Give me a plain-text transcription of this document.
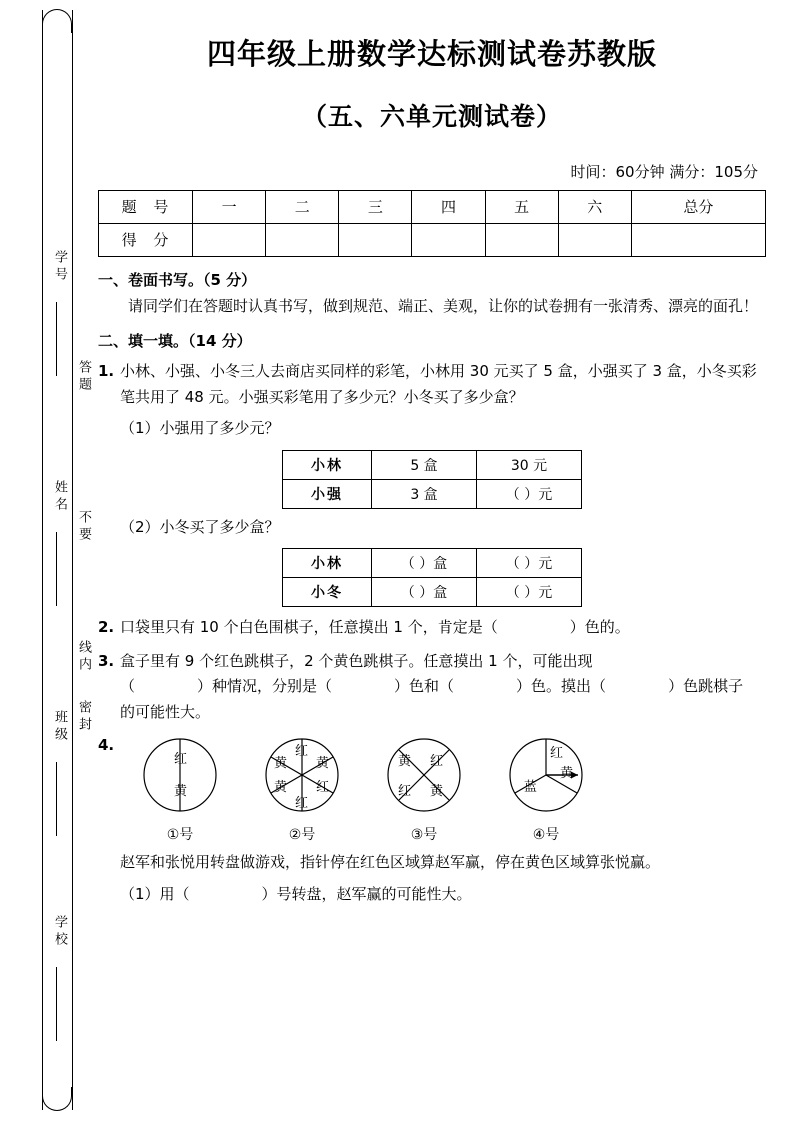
学号
姓名
班级
学校
答题
不要
线内
密封
四年级上册数学达标测试卷苏教版
（五、六单元测试卷）
时间：60分钟 满分：105分
题 号	一	二	三	四	五	六	总分
得 分							
一、卷面书写。（5 分）
请同学们在答题时认真书写，做到规范、端正、美观，让你的试卷拥有一张清秀、漂亮的面孔！
二、填一填。（14 分）
1. 小林、小强、小冬三人去商店买同样的彩笔，小林用 30 元买了 5 盒，小强买了 3 盒，小冬买彩笔共用了 48 元。小强买彩笔用了多少元？小冬买了多少盒？
（1）小强用了多少元？
小林	5 盒	30 元
小强	3 盒	（ ）元
（2）小冬买了多少盒？
小林	（ ）盒	（ ）元
小冬	（ ）盒	（ ）元
2. 口袋里只有 10 个白色围棋子，任意摸出 1 个，肯定是（	）色的。
3. 盒子里有 9 个红色跳棋子，2 个黄色跳棋子。任意摸出 1 个，可能出现
（	）种情况，分别是（	）色和（	）色。摸出（	）色跳棋子
的可能性大。
4.
红
黄
①号
黄
红
黄
红
黄
红
②号
黄 红
红 黄
③号
红
黄
蓝
④号
赵军和张悦用转盘做游戏，指针停在红色区域算赵军赢，停在黄色区域算张悦赢。
（1）用（	）号转盘，赵军赢的可能性大。
